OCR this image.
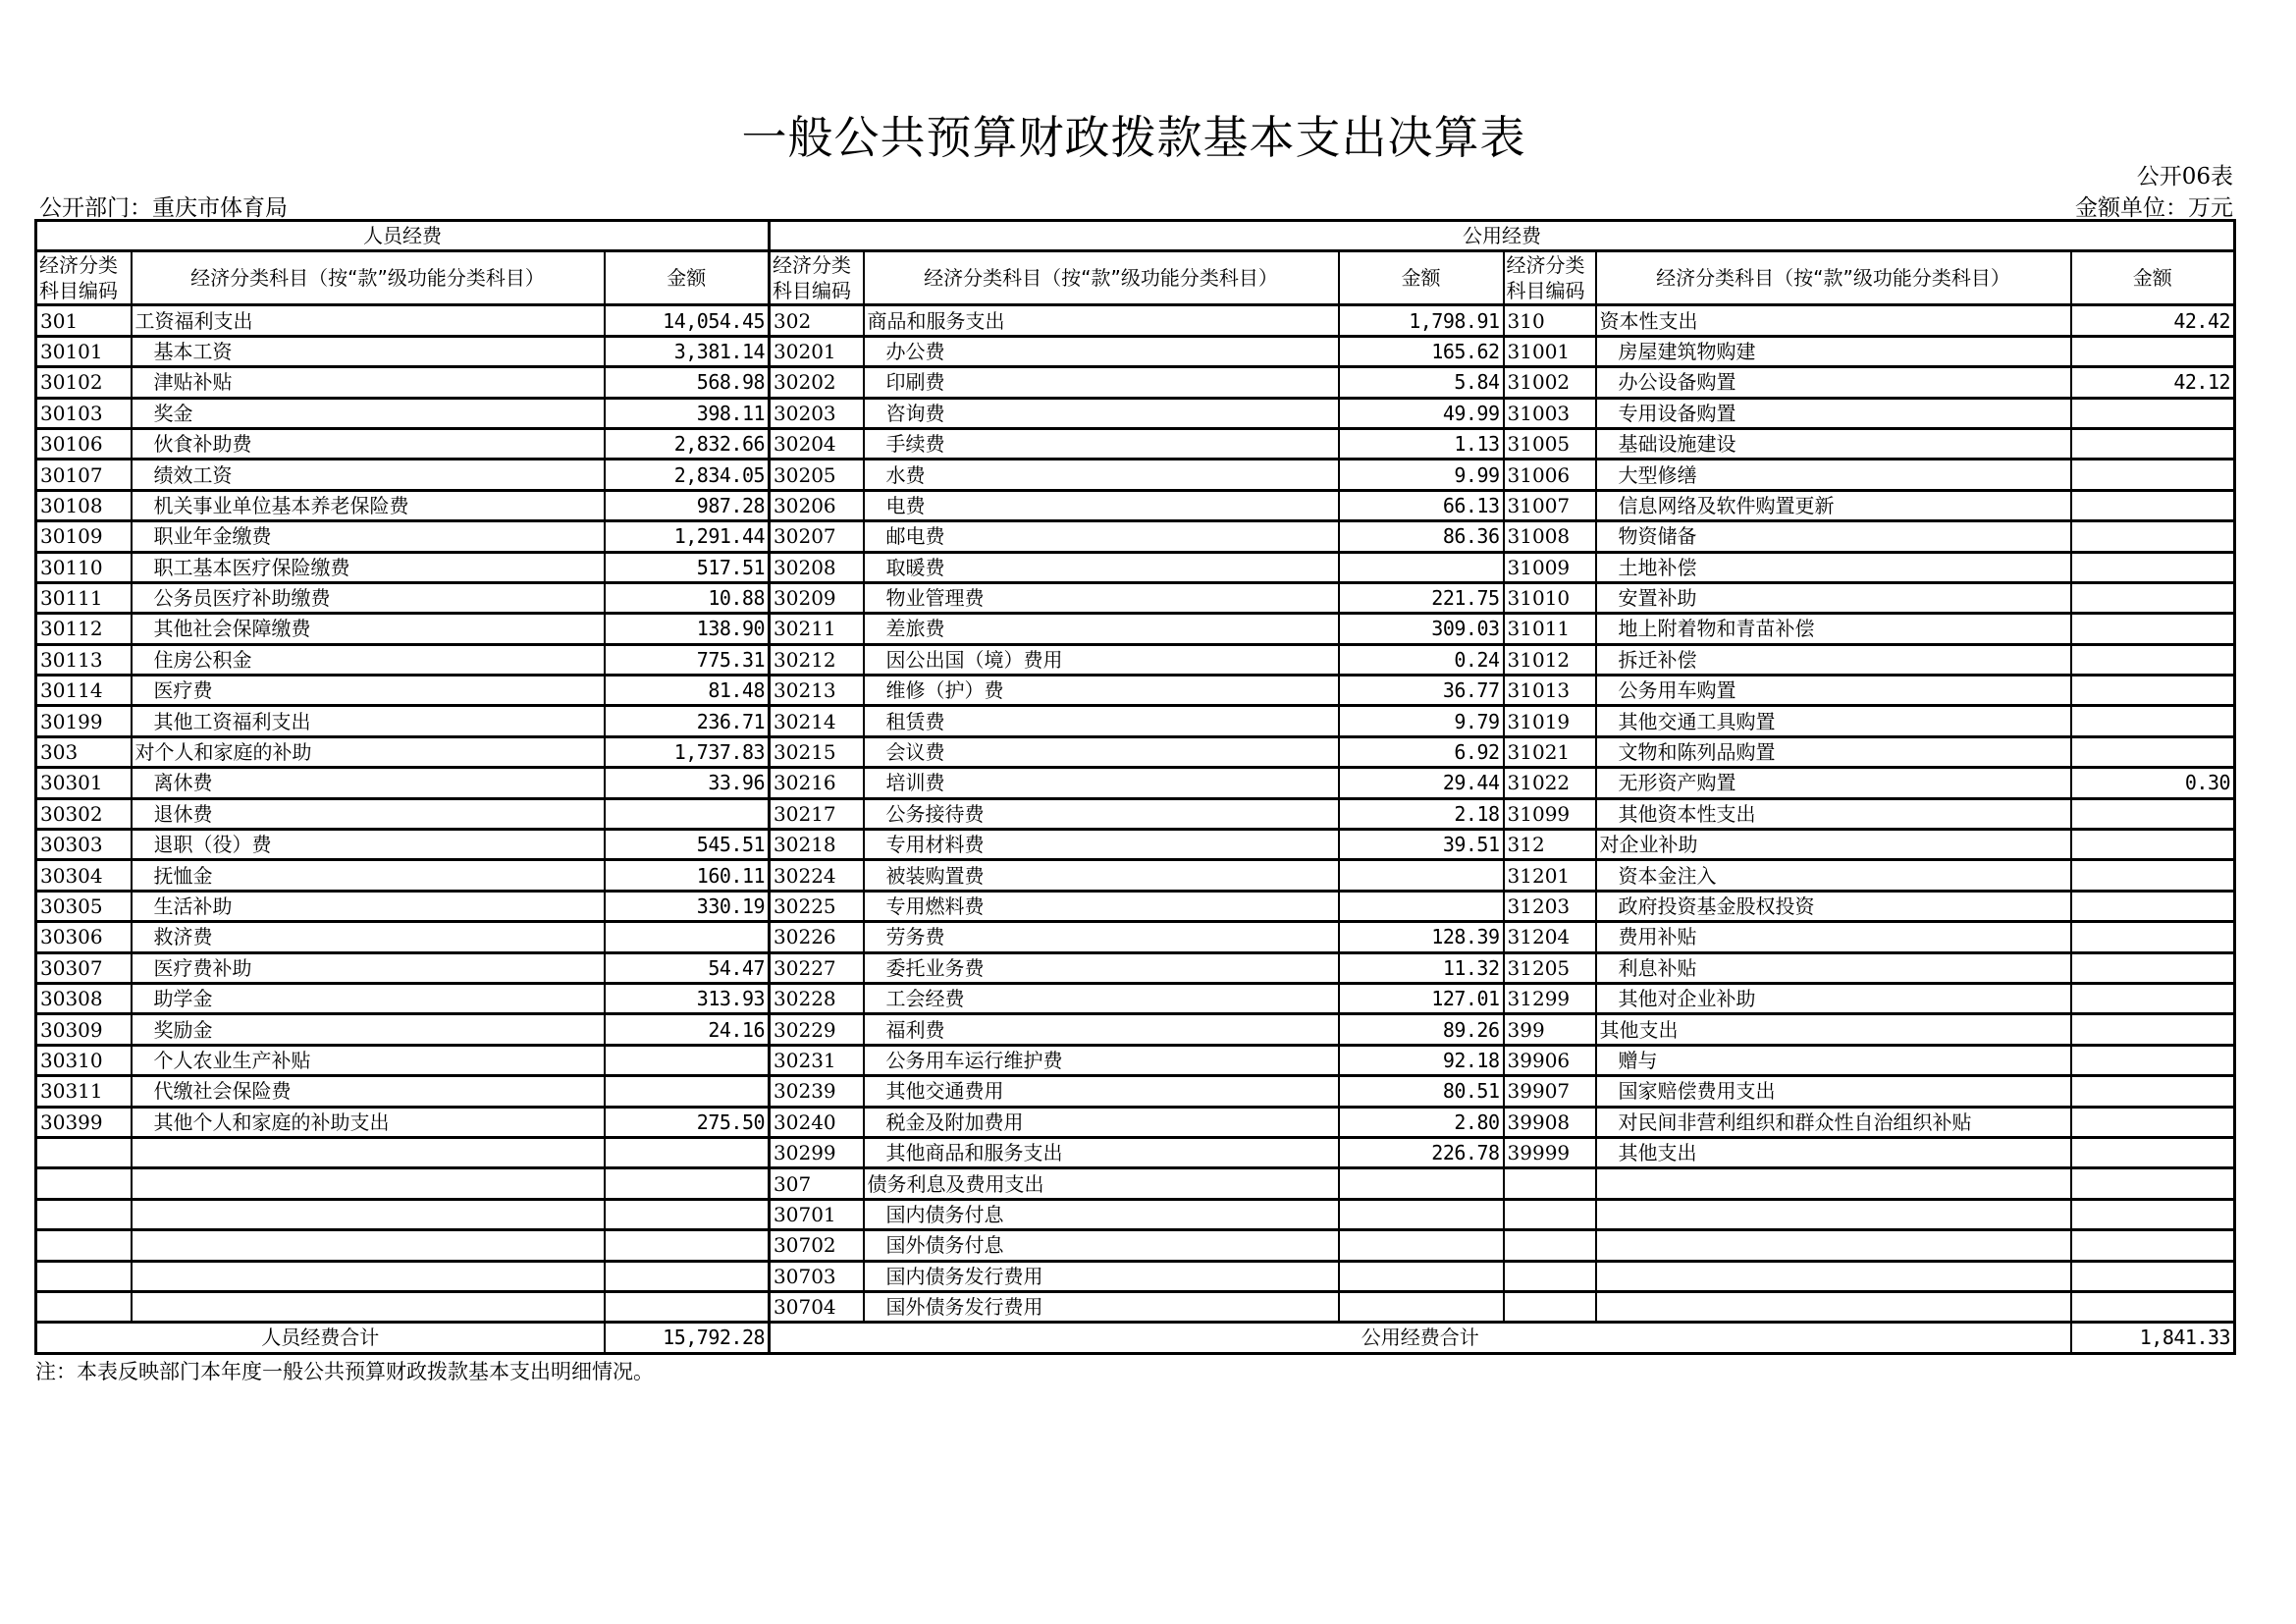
一般公共预算财政拨款基本支出决算表
公开06表
公开部门：重庆市体育局	金额单位：万元
人员经费			公用经费					
经济分类科目编码	经济分类科目（按“款”级功能分类科目）	金额	经济分类科目编码	经济分类科目（按“款”级功能分类科目）	金额	经济分类科目编码	经济分类科目（按“款”级功能分类科目）	金额
301	工资福利支出	14,054.45	302	商品和服务支出	1,798.91	310	资本性支出	42.42
30101	基本工资	3,381.14	30201	办公费	165.62	31001	房屋建筑物购建	
30102	津贴补贴	568.98	30202	印刷费	5.84	31002	办公设备购置	42.12
30103	奖金	398.11	30203	咨询费	49.99	31003	专用设备购置	
30106	伙食补助费	2,832.66	30204	手续费	1.13	31005	基础设施建设	
30107	绩效工资	2,834.05	30205	水费	9.99	31006	大型修缮	
30108	机关事业单位基本养老保险费	987.28	30206	电费	66.13	31007	信息网络及软件购置更新	
30109	职业年金缴费	1,291.44	30207	邮电费	86.36	31008	物资储备	
30110	职工基本医疗保险缴费	517.51	30208	取暖费		31009	土地补偿	
30111	公务员医疗补助缴费	10.88	30209	物业管理费	221.75	31010	安置补助	
30112	其他社会保障缴费	138.90	30211	差旅费	309.03	31011	地上附着物和青苗补偿	
30113	住房公积金	775.31	30212	因公出国（境）费用	0.24	31012	拆迁补偿	
30114	医疗费	81.48	30213	维修（护）费	36.77	31013	公务用车购置	
30199	其他工资福利支出	236.71	30214	租赁费	9.79	31019	其他交通工具购置	
303	对个人和家庭的补助	1,737.83	30215	会议费	6.92	31021	文物和陈列品购置	
30301	离休费	33.96	30216	培训费	29.44	31022	无形资产购置	0.30
30302	退休费		30217	公务接待费	2.18	31099	其他资本性支出	
30303	退职（役）费	545.51	30218	专用材料费	39.51	312	对企业补助	
30304	抚恤金	160.11	30224	被装购置费		31201	资本金注入	
30305	生活补助	330.19	30225	专用燃料费		31203	政府投资基金股权投资	
30306	救济费		30226	劳务费	128.39	31204	费用补贴	
30307	医疗费补助	54.47	30227	委托业务费	11.32	31205	利息补贴	
30308	助学金	313.93	30228	工会经费	127.01	31299	其他对企业补助	
30309	奖励金	24.16	30229	福利费	89.26	399	其他支出	
30310	个人农业生产补贴		30231	公务用车运行维护费	92.18	39906	赠与	
30311	代缴社会保险费		30239	其他交通费用	80.51	39907	国家赔偿费用支出	
30399	其他个人和家庭的补助支出	275.50	30240	税金及附加费用	2.80	39908	对民间非营利组织和群众性自治组织补贴	
			30299	其他商品和服务支出	226.78	39999	其他支出	
			307	债务利息及费用支出				
			30701	国内债务付息				
			30702	国外债务付息				
			30703	国内债务发行费用				
			30704	国外债务发行费用				
人员经费合计		15,792.28	公用经费合计					1,841.33
注：本表反映部门本年度一般公共预算财政拨款基本支出明细情况。
